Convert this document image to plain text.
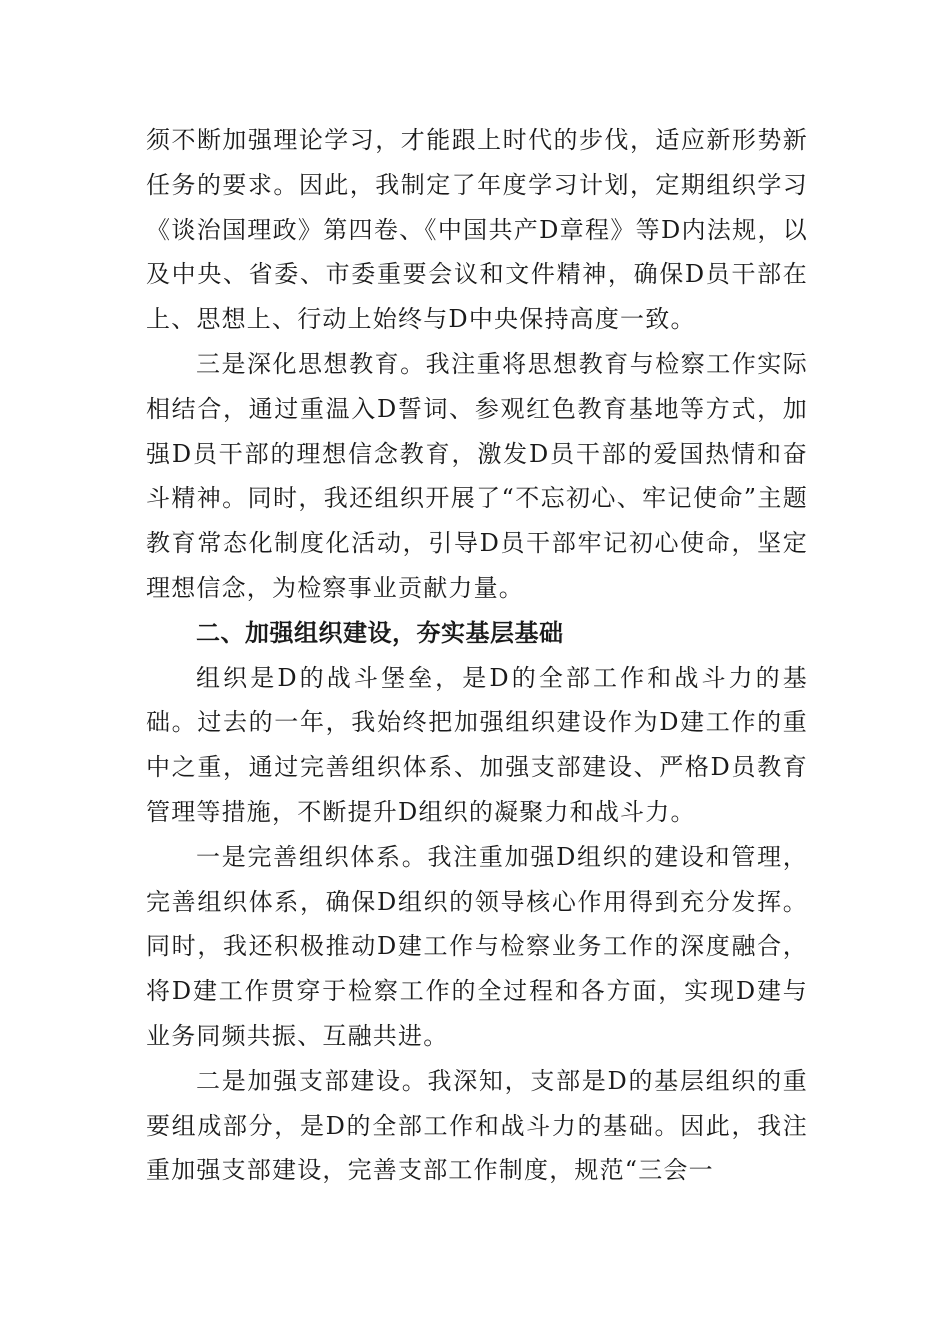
须不断加强理论学习，才能跟上时代的步伐，适应新形势新任务的要求。因此，我制定了年度学习计划，定期组织学习《谈治国理政》第四卷、《中国共产D章程》等D内法规，以及中央、省委、市委重要会议和文件精神，确保D员干部在上、思想上、行动上始终与D中央保持高度一致。

三是深化思想教育。我注重将思想教育与检察工作实际相结合，通过重温入D誓词、参观红色教育基地等方式，加强D员干部的理想信念教育，激发D员干部的爱国热情和奋斗精神。同时，我还组织开展了“不忘初心、牢记使命”主题教育常态化制度化活动，引导D员干部牢记初心使命，坚定理想信念，为检察事业贡献力量。

二、加强组织建设，夯实基层基础

组织是D的战斗堡垒，是D的全部工作和战斗力的基础。过去的一年，我始终把加强组织建设作为D建工作的重中之重，通过完善组织体系、加强支部建设、严格D员教育管理等措施，不断提升D组织的凝聚力和战斗力。

一是完善组织体系。我注重加强D组织的建设和管理，完善组织体系，确保D组织的领导核心作用得到充分发挥。同时，我还积极推动D建工作与检察业务工作的深度融合，将D建工作贯穿于检察工作的全过程和各方面，实现D建与业务同频共振、互融共进。

二是加强支部建设。我深知，支部是D的基层组织的重要组成部分，是D的全部工作和战斗力的基础。因此，我注重加强支部建设，完善支部工作制度，规范“三会一
